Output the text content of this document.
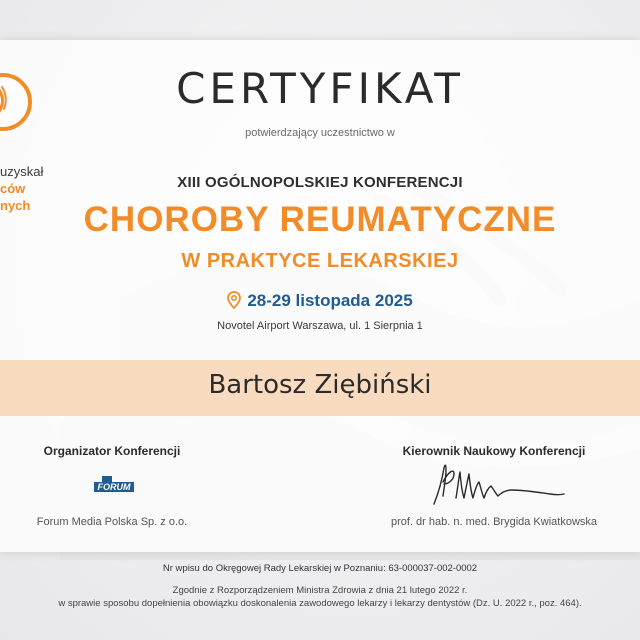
uzyskał
ców
nych
CERTYFIKAT
potwierdzający uczestnictwo w
XIII OGÓLNOPOLSKIEJ KONFERENCJI
CHOROBY REUMATYCZNE
W PRAKTYCE LEKARSKIEJ
28-29 listopada 2025
Novotel Airport Warszawa, ul. 1 Sierpnia 1
Bartosz Ziębiński
Organizator Konferencji
FORUM
Forum Media Polska Sp. z o.o.
Kierownik Naukowy Konferencji
prof. dr hab. n. med. Brygida Kwiatkowska
Nr wpisu do Okręgowej Rady Lekarskiej w Poznaniu: 63-000037-002-0002
Zgodnie z Rozporządzeniem Ministra Zdrowia z dnia 21 lutego 2022 r.
w sprawie sposobu dopełnienia obowiązku doskonalenia zawodowego lekarzy i lekarzy dentystów (Dz. U. 2022 r., poz. 464).
